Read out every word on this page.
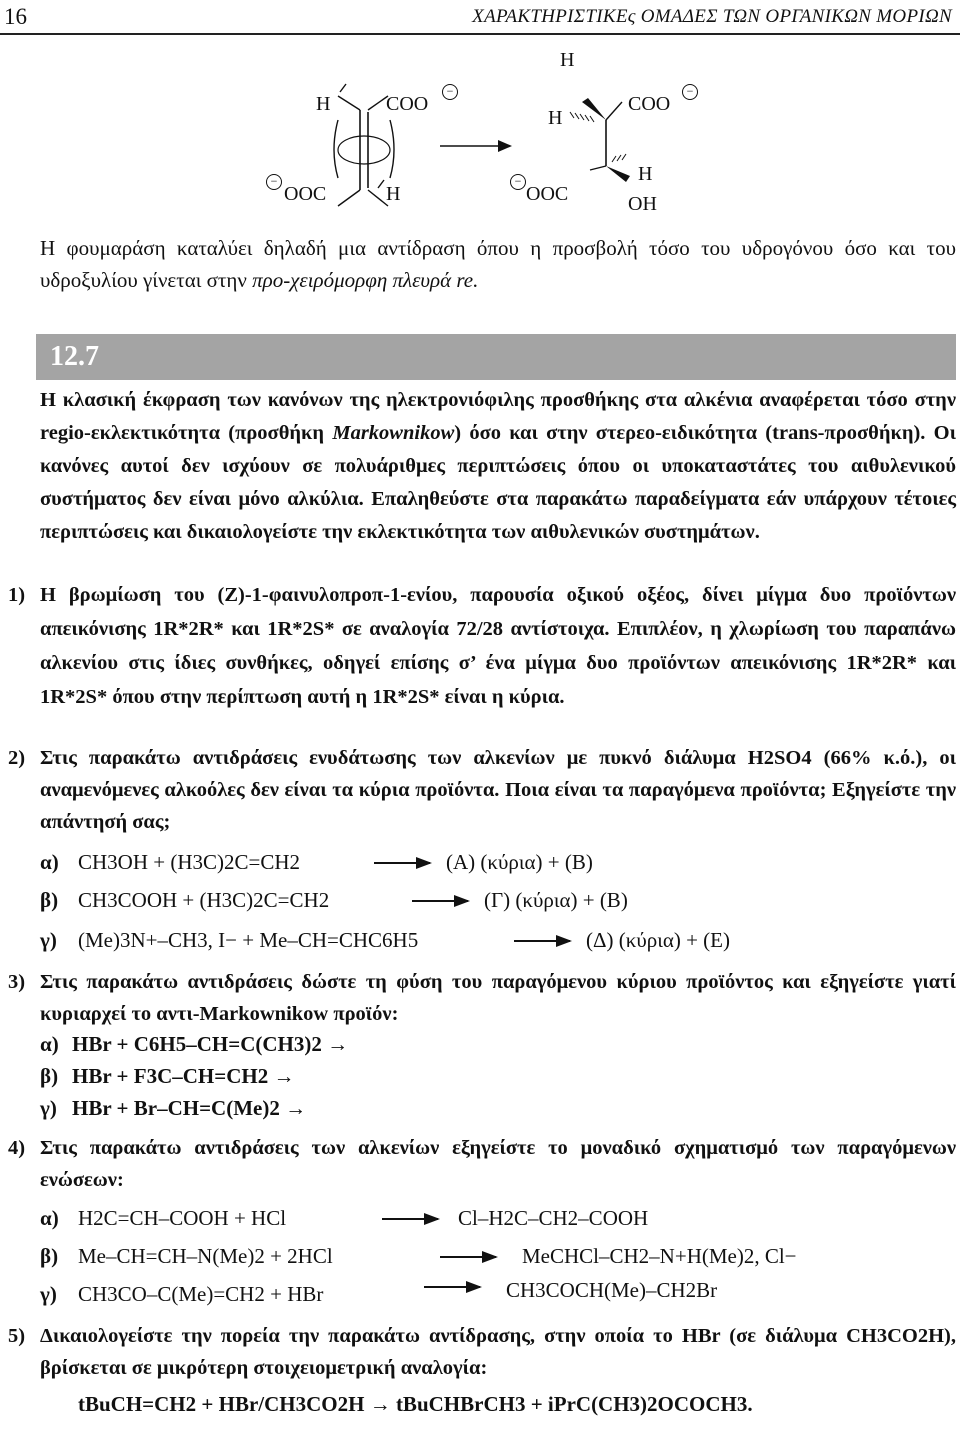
16	ΧΑΡΑΚΤΗΡΙΣΤΙΚΕς ΟΜΑΔΕΣ ΤΩΝ ΟΡΓΑΝΙΚΩΝ ΜΟΡΙΩΝ
H	COO
−
−
OOC	H
H
H
COO
−
−
OOC
H
OH
Η φουμαράση καταλύει δηλαδή μια αντίδραση όπου η προσβολή τόσο του υδρογόνου όσο και του υδροξυλίου γίνεται στην προ-χειρόμορφη πλευρά re.
12.7
Η κλασική έκφραση των κανόνων της ηλεκτρονιόφιλης προσθήκης στα αλκένια αναφέρεται τόσο στην regio-εκλεκτικότητα (προσθήκη Markownikow) όσο και στην στερεο-ειδικότητα (trans-προσθήκη). Οι κανόνες αυτοί δεν ισχύουν σε πολυάριθμες περιπτώσεις όπου οι υποκαταστάτες του αιθυλενικού συστήματος δεν είναι μόνο αλκύλια. Επαληθεύστε στα παρακάτω παραδείγματα εάν υπάρχουν τέτοιες περιπτώσεις και δικαιολογείστε την εκλεκτικότητα των αιθυλενικών συστημάτων.
1) Η βρωμίωση του (Z)-1-φαινυλοπροπ-1-ενίου, παρουσία οξικού οξέος, δίνει μίγμα δυο προϊόντων απεικόνισης 1R*2R* και 1R*2S* σε αναλογία 72/28 αντίστοιχα. Επιπλέον, η χλωρίωση του παραπάνω αλκενίου στις ίδιες συνθήκες, οδηγεί επίσης σ’ ένα μίγμα δυο προϊόντων απεικόνισης 1R*2R* και 1R*2S* όπου στην περίπτωση αυτή η 1R*2S* είναι η κύρια.
2) Στις παρακάτω αντιδράσεις ενυδάτωσης των αλκενίων με πυκνό διάλυμα H2SO4 (66% κ.ό.), οι αναμενόμενες αλκοόλες δεν είναι τα κύρια προϊόντα. Ποια είναι τα παραγόμενα προϊόντα; Εξηγείστε την απάντησή σας;
α) CH3OH + (H3C)2C=CH2	(A) (κύρια) + (B)
β) CH3COOH + (H3C)2C=CH2	(Γ) (κύρια) + (B)
γ) (Me)3N+–CH3, I− + Me–CH=CHC6H5	(Δ) (κύρια) + (E)
3) Στις παρακάτω αντιδράσεις δώστε τη φύση του παραγόμενου κύριου προϊόντος και εξηγείστε γιατί κυριαρχεί το αντι-Markownikow προϊόν:
α) HBr + C6H5–CH=C(CH3)2 →
β) HBr + F3C–CH=CH2 →
γ) HBr + Br–CH=C(Me)2 →
4) Στις παρακάτω αντιδράσεις των αλκενίων εξηγείστε το μοναδικό σχηματισμό των παραγόμενων ενώσεων:
α) H2C=CH–COOH + HCl	Cl–H2C–CH2–COOH
β) Me–CH=CH–N(Me)2 + 2HCl	MeCHCl–CH2–N+H(Me)2, Cl−
γ) CH3CO–C(Me)=CH2 + HBr	CH3COCH(Me)–CH2Br
5) Δικαιολογείστε την πορεία την παρακάτω αντίδρασης, στην οποία το HBr (σε διάλυμα CH3CO2H), βρίσκεται σε μικρότερη στοιχειομετρική αναλογία:
tBuCH=CH2 + HBr/CH3CO2H → tBuCHBrCH3 + iPrC(CH3)2OCOCH3.
